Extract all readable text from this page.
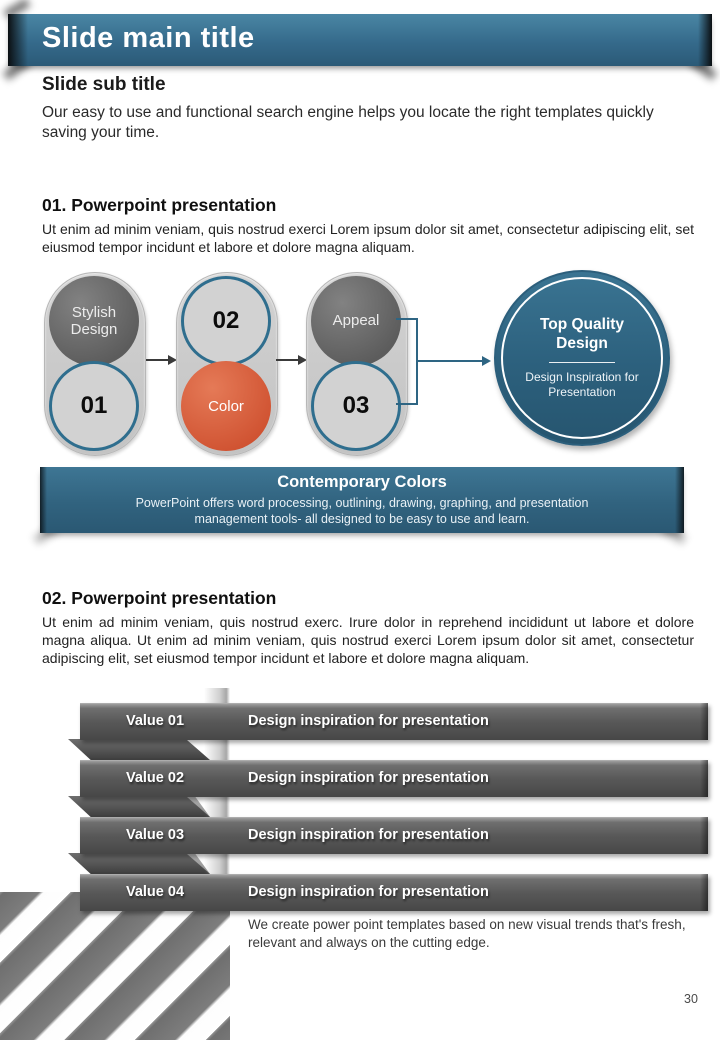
Slide main title
Slide sub title
Our easy to use and functional search engine helps you locate the right templates quickly saving your time.
01. Powerpoint presentation
Ut enim ad minim veniam, quis nostrud exerci Lorem ipsum dolor sit amet, consectetur adipiscing elit, set eiusmod tempor incidunt et labore et dolore magna aliquam.
Stylish Design
01
02
Color
Appeal
03
Top Quality Design
Design Inspiration for Presentation
Contemporary Colors
PowerPoint offers word processing, outlining, drawing, graphing, and presentation management tools- all designed to be easy to use and learn.
02. Powerpoint presentation
Ut enim ad minim veniam, quis nostrud exerc. Irure dolor in reprehend incididunt ut labore et dolore magna aliqua. Ut enim ad minim veniam, quis nostrud exerci Lorem ipsum dolor sit amet, consectetur adipiscing elit, set eiusmod tempor incidunt et labore et dolore magna aliquam.
Value 01	Design inspiration for presentation
Value 02	Design inspiration for presentation
Value 03	Design inspiration for presentation
Value 04	Design inspiration for presentation
We create power point templates based on new visual trends that's fresh, relevant and always on the cutting edge.
30
